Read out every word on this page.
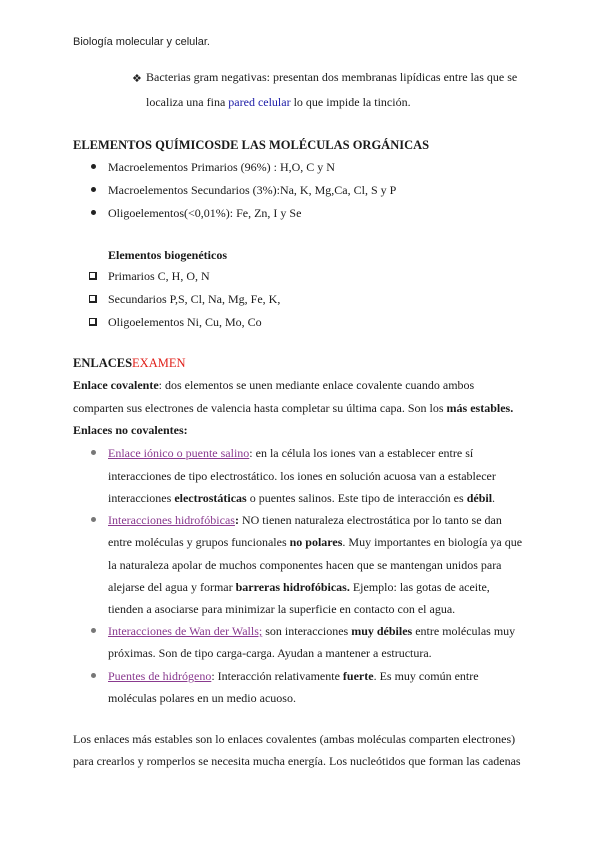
Biología molecular y celular.
❖ Bacterias gram negativas: presentan dos membranas lipídicas entre las que se
localiza una fina pared celular lo que impide la tinción.
ELEMENTOS QUÍMICOSDE LAS MOLÉCULAS ORGÁNICAS
Macroelementos Primarios (96%) : H,O, C y N
Macroelementos Secundarios (3%):Na, K, Mg,Ca, Cl, S y P
Oligoelementos(<0,01%): Fe, Zn, I y Se
Elementos biogenéticos
Primarios C, H, O, N
Secundarios P,S, Cl, Na, Mg, Fe, K,
Oligoelementos Ni, Cu, Mo, Co
ENLACESEXAMEN
Enlace covalente: dos elementos se unen mediante enlace covalente cuando ambos
comparten sus electrones de valencia hasta completar su última capa. Son los más estables.
Enlaces no covalentes:
Enlace iónico o puente salino: en la célula los iones van a establecer entre sí
interacciones de tipo electrostático. los iones en solución acuosa van a establecer
interacciones electrostáticas o puentes salinos. Este tipo de interacción es débil.
Interacciones hidrofóbicas: NO tienen naturaleza electrostática por lo tanto se dan
entre moléculas y grupos funcionales no polares. Muy importantes en biología ya que
la naturaleza apolar de muchos componentes hacen que se mantengan unidos para
alejarse del agua y formar barreras hidrofóbicas. Ejemplo: las gotas de aceite,
tienden a asociarse para minimizar la superficie en contacto con el agua.
Interacciones de Wan der Walls; son interacciones muy débiles entre moléculas muy
próximas. Son de tipo carga-carga. Ayudan a mantener a estructura.
Puentes de hidrógeno: Interacción relativamente fuerte. Es muy común entre
moléculas polares en un medio acuoso.
Los enlaces más estables son lo enlaces covalentes (ambas moléculas comparten electrones)
para crearlos y romperlos se necesita mucha energía. Los nucleótidos que forman las cadenas
